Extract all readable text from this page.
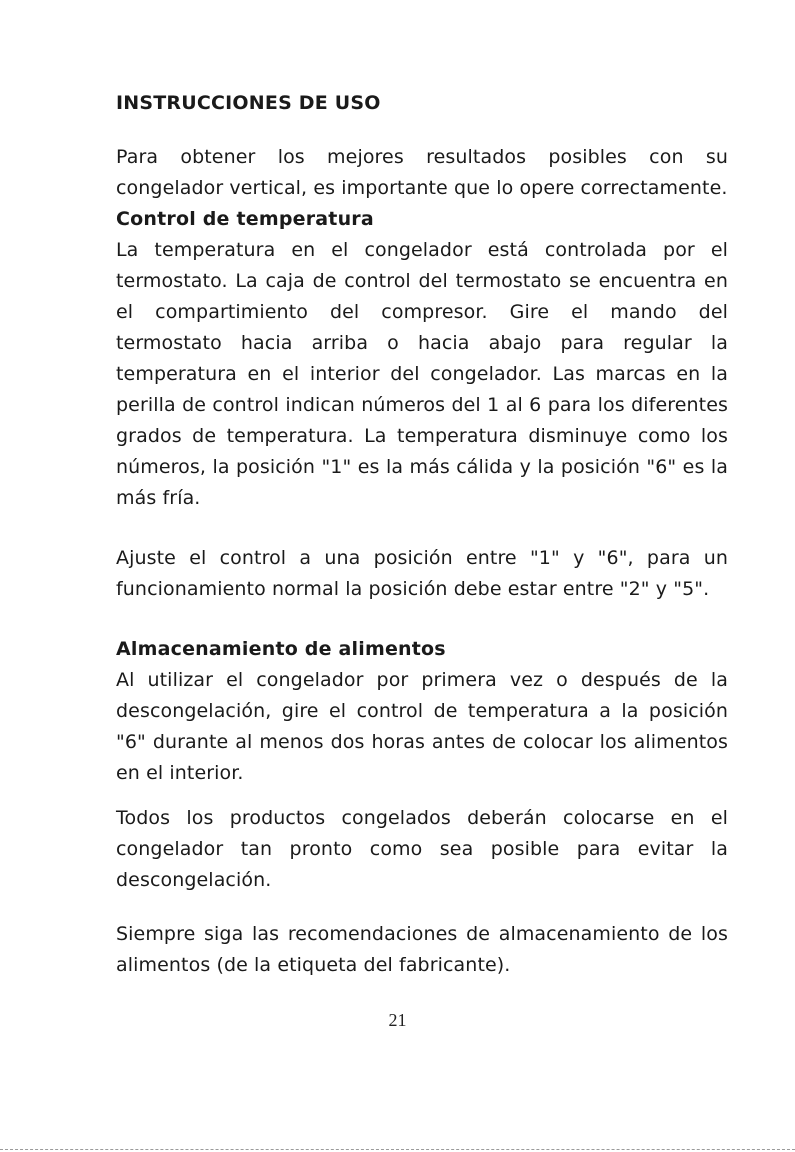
INSTRUCCIONES DE USO

Para obtener los mejores resultados posibles con su congelador vertical, es importante que lo opere correctamente.

Control de temperatura

La temperatura en el congelador está controlada por el termostato. La caja de control del termostato se encuentra en el compartimiento del compresor. Gire el mando del termostato hacia arriba o hacia abajo para regular la temperatura en el interior del congelador. Las marcas en la perilla de control indican números del 1 al 6 para los diferentes grados de temperatura. La temperatura disminuye como los números, la posición "1" es la más cálida y la posición "6" es la más fría.

Ajuste el control a una posición entre "1" y "6", para un funcionamiento normal la posición debe estar entre "2" y "5".

Almacenamiento de alimentos

Al utilizar el congelador por primera vez o después de la descongelación, gire el control de temperatura a la posición "6" durante al menos dos horas antes de colocar los alimentos en el interior.

Todos los productos congelados deberán colocarse en el congelador tan pronto como sea posible para evitar la descongelación.

Siempre siga las recomendaciones de almacenamiento de los alimentos (de la etiqueta del fabricante).

21
